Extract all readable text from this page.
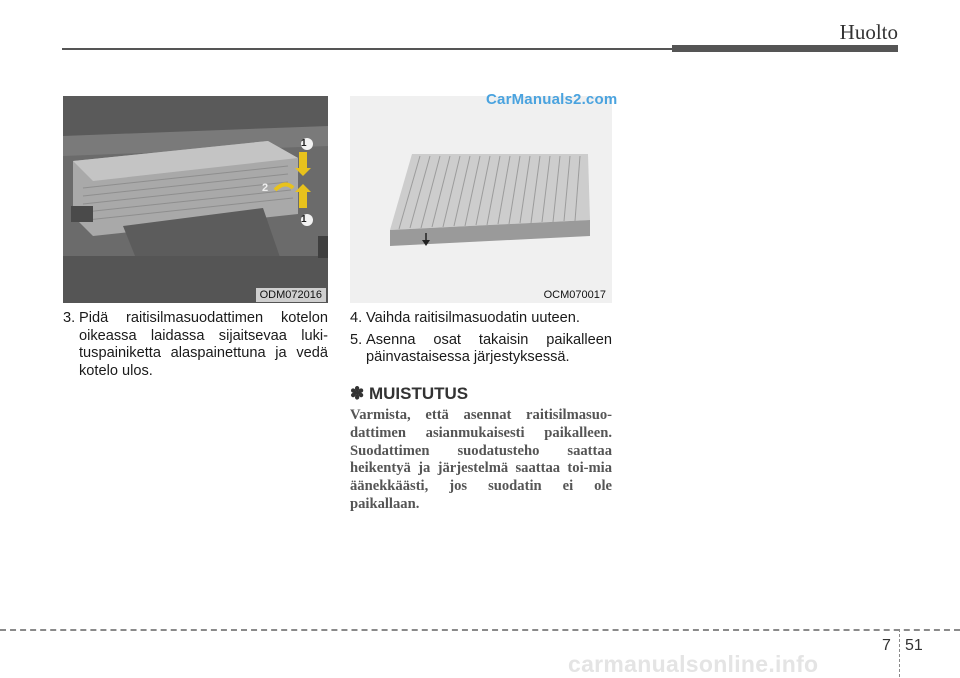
Huolto
1
2
1
ODM072016	OCM070017
CarManuals2.com
3. Pidä raitisilmasuodattimen kotelon oikeassa laidassa sijaitsevaa luki-tuspainiketta alaspainettuna ja vedä kotelo ulos.
4. Vaihda raitisilmasuodatin uuteen.
5. Asenna osat takaisin paikalleen päinvastaisessa järjestyksessä.
✽ MUISTUTUS
Varmista, että asennat raitisilmasuo-dattimen asianmukaisesti paikalleen. Suodattimen suodatusteho saattaa heikentyä ja järjestelmä saattaa toi-mia äänekkäästi, jos suodatin ei ole paikallaan.
7 51
carmanualsonline.info
